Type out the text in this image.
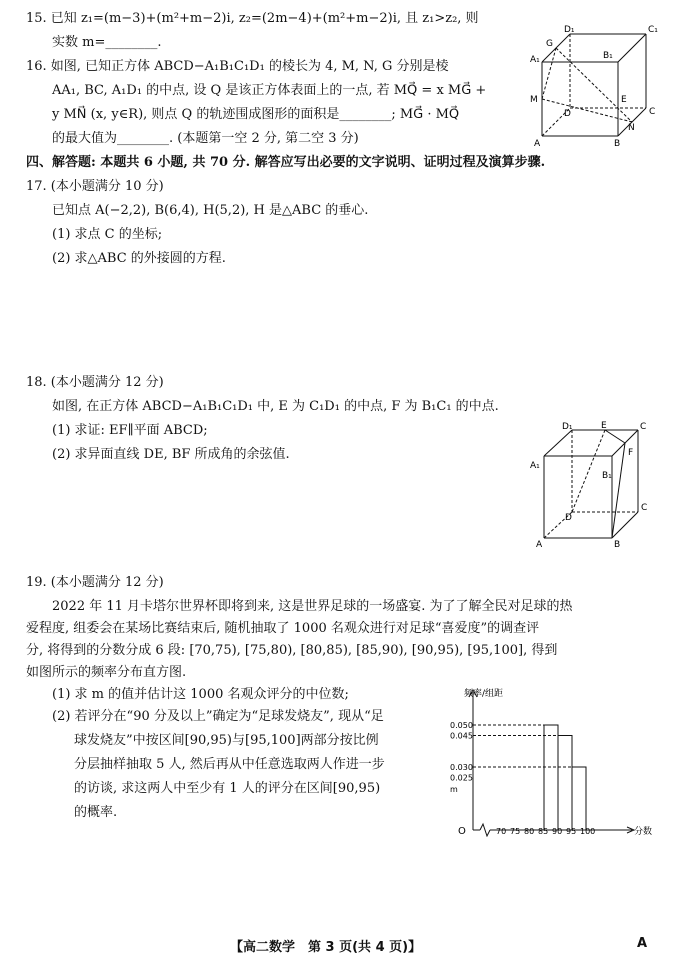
15. 已知 z₁=(m−3)+(m²+m−2)i, z₂=(2m−4)+(m²+m−2)i, 且 z₁>z₂, 则
实数 m=________.
16. 如图, 已知正方体 ABCD−A₁B₁C₁D₁ 的棱长为 4, M, N, G 分别是棱
AA₁, BC, A₁D₁ 的中点, 设 Q 是该正方体表面上的一点, 若 MQ⃗ = x MG⃗ +
y MN⃗ (x, y∈R), 则点 Q 的轨迹围成图形的面积是________; MG⃗ · MQ⃗
的最大值为________. (本题第一空 2 分, 第二空 3 分)
D₁	C₁
G
A₁	B₁
M	E
D	C
N
A	B
四、解答题: 本题共 6 小题, 共 70 分. 解答应写出必要的文字说明、证明过程及演算步骤.
17. (本小题满分 10 分)
已知点 A(−2,2), B(6,4), H(5,2), H 是△ABC 的垂心.
(1) 求点 C 的坐标;
(2) 求△ABC 的外接圆的方程.
18. (本小题满分 12 分)
如图, 在正方体 ABCD−A₁B₁C₁D₁ 中, E 为 C₁D₁ 的中点, F 为 B₁C₁ 的中点.
(1) 求证: EF∥平面 ABCD;
(2) 求异面直线 DE, BF 所成角的余弦值.
D₁	E	C
A₁
F
B₁
D
C
A	B
19. (本小题满分 12 分)
2022 年 11 月卡塔尔世界杯即将到来, 这是世界足球的一场盛宴. 为了了解全民对足球的热
爱程度, 组委会在某场比赛结束后, 随机抽取了 1000 名观众进行对足球“喜爱度”的调查评
分, 将得到的分数分成 6 段: [70,75), [75,80), [80,85), [85,90), [90,95), [95,100], 得到
如图所示的频率分布直方图.
(1) 求 m 的值并估计这 1000 名观众评分的中位数;
(2) 若评分在“90 分及以上”确定为“足球发烧友”, 现从“足
球发烧友”中按区间[90,95)与[95,100]两部分按比例
分层抽样抽取 5 人, 然后再从中任意选取两人作进一步
的访谈, 求这两人中至少有 1 人的评分在区间[90,95)
的概率.
0.050
0.045
0.030
0.025
m
70 75 80 85 90 95 100
频率/组距
分数
O
【高二数学　第 3 页(共 4 页)】	A
